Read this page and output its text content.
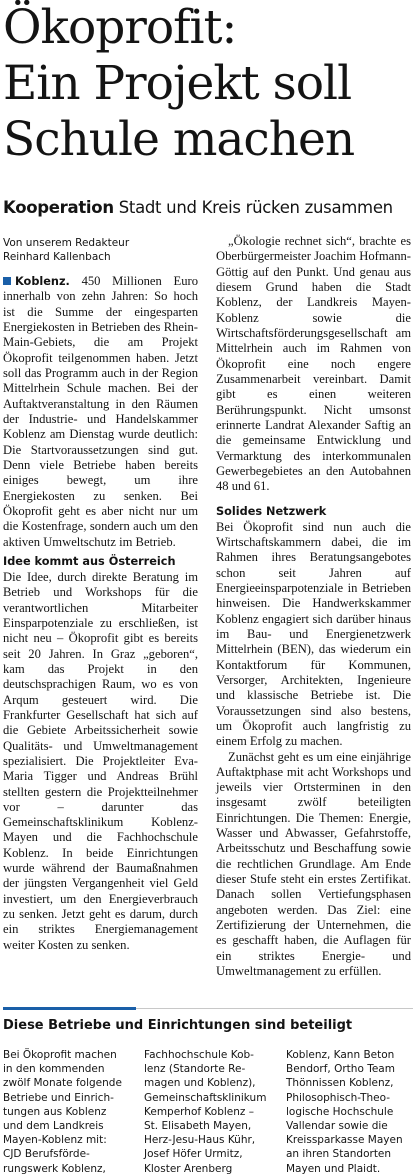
Ökoprofit:
Ein Projekt soll
Schule machen
Kooperation Stadt und Kreis rücken zusammen
Von unserem Redakteur
Reinhard Kallenbach

Koblenz. 450 Millionen Euro innerhalb von zehn Jahren: So hoch ist die Summe der eingesparten Energiekosten in Betrieben des Rhein-Main-Gebiets, die am Projekt Ökoprofit teilgenommen haben. Jetzt soll das Programm auch in der Region Mittelrhein Schule machen. Bei der Auftaktveranstaltung in den Räumen der Industrie- und Handelskammer Koblenz am Dienstag wurde deutlich: Die Startvoraussetzungen sind gut. Denn viele Betriebe haben bereits einiges bewegt, um ihre Energiekosten zu senken. Bei Ökoprofit geht es aber nicht nur um die Kostenfrage, sondern auch um den aktiven Umweltschutz im Betrieb.

Idee kommt aus Österreich

Die Idee, durch direkte Beratung im Betrieb und Workshops für die verantwortlichen Mitarbeiter Einsparpotenziale zu erschließen, ist nicht neu – Ökoprofit gibt es bereits seit 20 Jahren. In Graz „geboren“, kam das Projekt in den deutschsprachigen Raum, wo es von Arqum gesteuert wird. Die Frankfurter Gesellschaft hat sich auf die Gebiete Arbeitssicherheit sowie Qualitäts- und Umweltmanagement spezialisiert. Die Projektleiter Eva-Maria Tigger und Andreas Brühl stellten gestern die Projektteilnehmer vor – darunter das Gemeinschaftsklinikum Koblenz-Mayen und die Fachhochschule Koblenz. In beide Einrichtungen wurde während der Baumaßnahmen der jüngsten Vergangenheit viel Geld investiert, um den Energieverbrauch zu senken. Jetzt geht es darum, durch ein striktes Energiemanagement weiter Kosten zu senken.

„Ökologie rechnet sich“, brachte es Oberbürgermeister Joachim Hofmann-Göttig auf den Punkt. Und genau aus diesem Grund haben die Stadt Koblenz, der Landkreis Mayen-Koblenz sowie die Wirtschaftsförderungsgesellschaft am Mittelrhein auch im Rahmen von Ökoprofit eine noch engere Zusammenarbeit vereinbart. Damit gibt es einen weiteren Berührungspunkt. Nicht umsonst erinnerte Landrat Alexander Saftig an die gemeinsame Entwicklung und Vermarktung des interkommunalen Gewerbegebietes an den Autobahnen 48 und 61.

Solides Netzwerk

Bei Ökoprofit sind nun auch die Wirtschaftskammern dabei, die im Rahmen ihres Beratungsangebotes schon seit Jahren auf Energieeinsparpotenziale in Betrieben hinweisen. Die Handwerkskammer Koblenz engagiert sich darüber hinaus im Bau- und Energienetzwerk Mittelrhein (BEN), das wiederum ein Kontaktforum für Kommunen, Versorger, Architekten, Ingenieure und klassische Betriebe ist. Die Voraussetzungen sind also bestens, um Ökoprofit auch langfristig zu einem Erfolg zu machen.

Zunächst geht es um eine einjährige Auftaktphase mit acht Workshops und jeweils vier Ortsterminen in den insgesamt zwölf beteiligten Einrichtungen. Die Themen: Energie, Wasser und Abwasser, Gefahrstoffe, Arbeitsschutz und Beschaffung sowie die rechtlichen Grundlage. Am Ende dieser Stufe steht ein erstes Zertifikat. Danach sollen Vertiefungsphasen angeboten werden. Das Ziel: eine Zertifizierung der Unternehmen, die es geschafft haben, die Auflagen für ein striktes Energie- und Umweltmanagement zu erfüllen.

Diese Betriebe und Einrichtungen sind beteiligt
Bei Ökoprofit machen
in den kommenden
zwölf Monate folgende
Betriebe und Einrich-
tungen aus Koblenz
und dem Landkreis
Mayen-Koblenz mit:
CJD Berufsförde-
rungswerk Koblenz,
Fachhochschule Kob-
lenz (Standorte Re-
magen und Koblenz),
Gemeinschaftsklinikum
Kemperhof Koblenz –
St. Elisabeth Mayen,
Herz-Jesu-Haus Kühr,
Josef Höfer Urmitz,
Kloster Arenberg
Koblenz, Kann Beton
Bendorf, Ortho Team
Thönnissen Koblenz,
Philosophisch-Theo-
logische Hochschule
Vallendar sowie die
Kreissparkasse Mayen
an ihren Standorten
Mayen und Plaidt.
